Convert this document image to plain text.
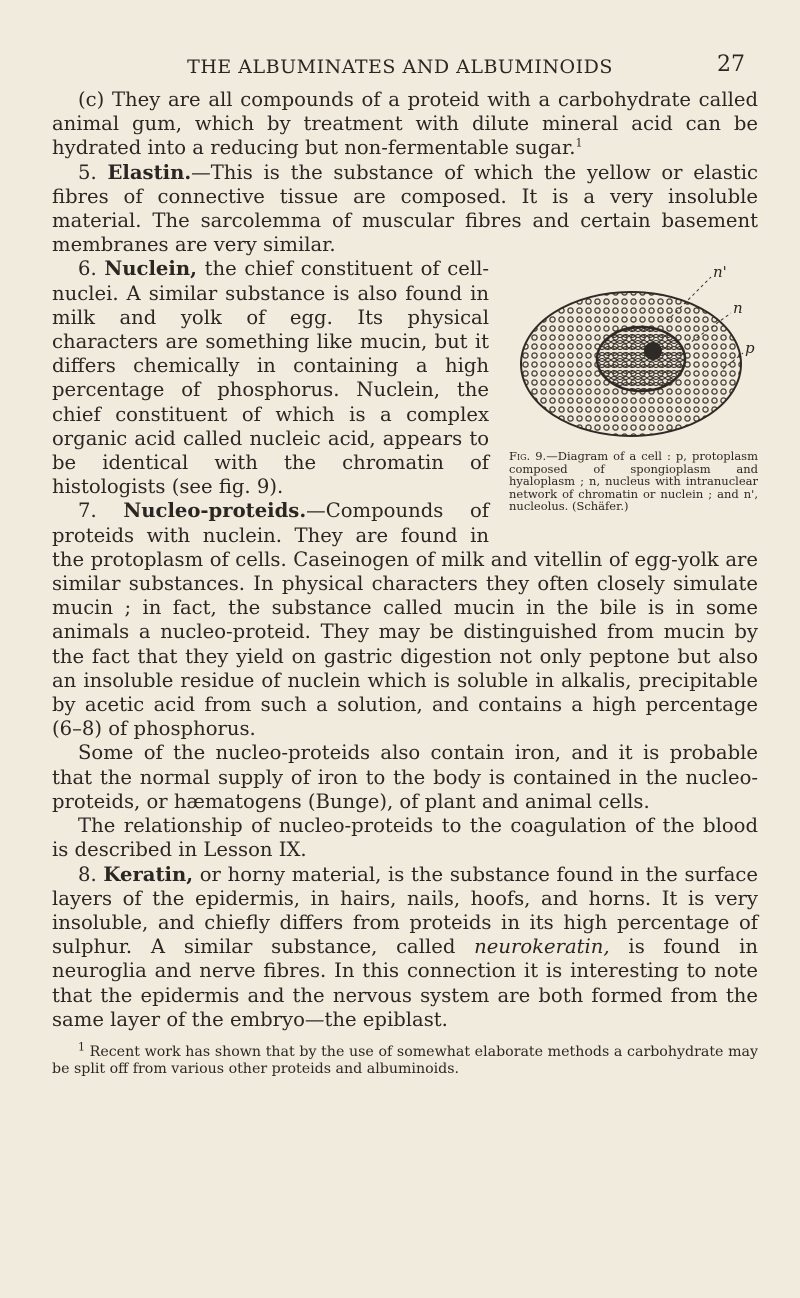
THE ALBUMINATES AND ALBUMINOIDS	27

(c) They are all compounds of a proteid with a carbohydrate called animal gum, which by treatment with dilute mineral acid can be hydrated into a reducing but non-fermentable sugar.$^1$

5. Elastin.—This is the substance of which the yellow or elastic fibres of connective tissue are composed. It is a very insoluble material. The sarcolemma of muscular fibres and certain basement membranes are very similar.

n'
n
p
Fig. 9.—Diagram of a cell : p, protoplasm composed of spongioplasm and hyaloplasm ; n, nucleus with intranuclear network of chromatin or nuclein ; and n', nucleolus. (Schäfer.)

6. Nuclein, the chief constituent of cell-nuclei. A similar substance is also found in milk and yolk of egg. Its physical characters are something like mucin, but it differs chemically in containing a high percentage of phosphorus. Nuclein, the chief constituent of which is a complex organic acid called nucleic acid, appears to be identical with the chromatin of histologists (see fig. 9).

7. Nucleo-proteids.—Compounds of proteids with nuclein. They are found in the protoplasm of cells. Caseinogen of milk and vitellin of egg-yolk are similar substances. In physical characters they often closely simulate mucin ; in fact, the substance called mucin in the bile is in some animals a nucleo-proteid. They may be distinguished from mucin by the fact that they yield on gastric digestion not only peptone but also an insoluble residue of nuclein which is soluble in alkalis, precipitable by acetic acid from such a solution, and contains a high percentage (6–8) of phosphorus.

Some of the nucleo-proteids also contain iron, and it is probable that the normal supply of iron to the body is contained in the nucleo-proteids, or hæmatogens (Bunge), of plant and animal cells.

The relationship of nucleo-proteids to the coagulation of the blood is described in Lesson IX.

8. Keratin, or horny material, is the substance found in the surface layers of the epidermis, in hairs, nails, hoofs, and horns. It is very insoluble, and chiefly differs from proteids in its high percentage of sulphur. A similar substance, called neurokeratin, is found in neuroglia and nerve fibres. In this connection it is interesting to note that the epidermis and the nervous system are both formed from the same layer of the embryo—the epiblast.

$^1$ Recent work has shown that by the use of somewhat elaborate methods a carbohydrate may be split off from various other proteids and albuminoids.
